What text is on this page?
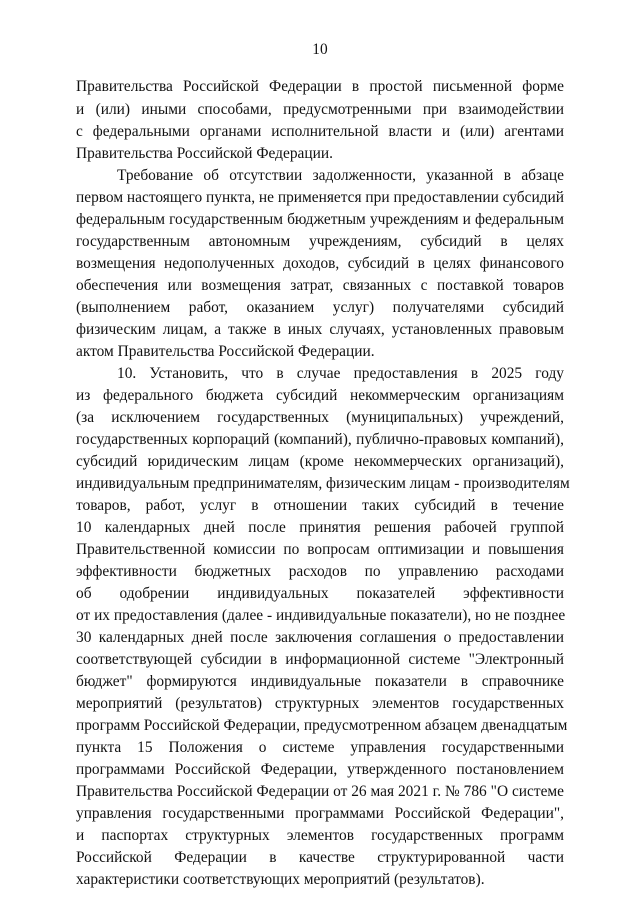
10
Правительства Российской Федерации в простой письменной форме
и (или) иными способами, предусмотренными при взаимодействии
с федеральными органами исполнительной власти и (или) агентами
Правительства Российской Федерации.
Требование об отсутствии задолженности, указанной в абзаце
первом настоящего пункта, не применяется при предоставлении субсидий
федеральным государственным бюджетным учреждениям и федеральным
государственным автономным учреждениям, субсидий в целях
возмещения недополученных доходов, субсидий в целях финансового
обеспечения или возмещения затрат, связанных с поставкой товаров
(выполнением работ, оказанием услуг) получателями субсидий
физическим лицам, а также в иных случаях, установленных правовым
актом Правительства Российской Федерации.
10. Установить, что в случае предоставления в 2025 году
из федерального бюджета субсидий некоммерческим организациям
(за исключением государственных (муниципальных) учреждений,
государственных корпораций (компаний), публично-правовых компаний),
субсидий юридическим лицам (кроме некоммерческих организаций),
индивидуальным предпринимателям, физическим лицам - производителям
товаров, работ, услуг в отношении таких субсидий в течение
10 календарных дней после принятия решения рабочей группой
Правительственной комиссии по вопросам оптимизации и повышения
эффективности бюджетных расходов по управлению расходами
об одобрении индивидуальных показателей эффективности
от их предоставления (далее - индивидуальные показатели), но не позднее
30 календарных дней после заключения соглашения о предоставлении
соответствующей субсидии в информационной системе "Электронный
бюджет" формируются индивидуальные показатели в справочнике
мероприятий (результатов) структурных элементов государственных
программ Российской Федерации, предусмотренном абзацем двенадцатым
пункта 15 Положения о системе управления государственными
программами Российской Федерации, утвержденного постановлением
Правительства Российской Федерации от 26 мая 2021 г. № 786 "О системе
управления государственными программами Российской Федерации",
и паспортах структурных элементов государственных программ
Российской Федерации в качестве структурированной части
характеристики соответствующих мероприятий (результатов).
